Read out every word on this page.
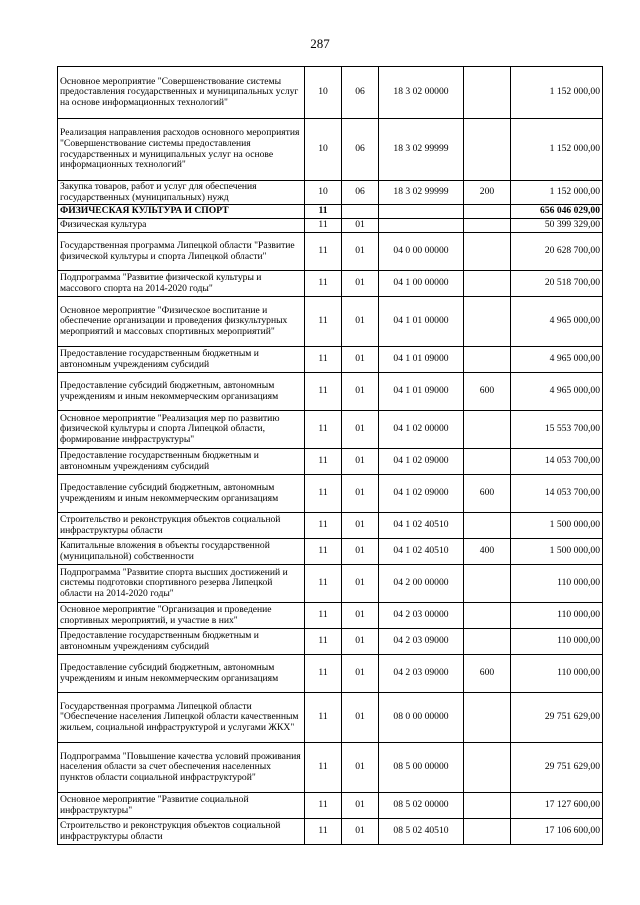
287
Основное мероприятие "Совершенствование системы предоставления государственных и муниципальных услуг на основе информационных технологий"	10	06	18 3 02 00000		1 152 000,00
Реализация направления расходов основного мероприятия "Совершенствование системы предоставления государственных и муниципальных услуг на основе информационных технологий"	10	06	18 3 02 99999		1 152 000,00
Закупка товаров, работ и услуг для обеспечения государственных (муниципальных) нужд	10	06	18 3 02 99999	200	1 152 000,00
ФИЗИЧЕСКАЯ КУЛЬТУРА И СПОРТ	11				656 046 029,00
Физическая культура	11	01			50 399 329,00
Государственная программа Липецкой области "Развитие физической культуры и спорта Липецкой области"	11	01	04 0 00 00000		20 628 700,00
Подпрограмма "Развитие физической культуры и массового спорта на 2014-2020 годы"	11	01	04 1 00 00000		20 518 700,00
Основное мероприятие "Физическое воспитание и обеспечение организации и проведения физкультурных мероприятий и массовых спортивных мероприятий"	11	01	04 1 01 00000		4 965 000,00
Предоставление государственным бюджетным и автономным учреждениям субсидий	11	01	04 1 01 09000		4 965 000,00
Предоставление субсидий бюджетным, автономным учреждениям и иным некоммерческим организациям	11	01	04 1 01 09000	600	4 965 000,00
Основное мероприятие "Реализация мер по развитию физической культуры и спорта Липецкой области, формирование инфраструктуры"	11	01	04 1 02 00000		15 553 700,00
Предоставление государственным бюджетным и автономным учреждениям субсидий	11	01	04 1 02 09000		14 053 700,00
Предоставление субсидий бюджетным, автономным учреждениям и иным некоммерческим организациям	11	01	04 1 02 09000	600	14 053 700,00
Строительство и реконструкция объектов социальной инфраструктуры области	11	01	04 1 02 40510		1 500 000,00
Капитальные вложения в объекты государственной (муниципальной) собственности	11	01	04 1 02 40510	400	1 500 000,00
Подпрограмма "Развитие спорта высших достижений и системы подготовки спортивного резерва Липецкой области на 2014-2020 годы"	11	01	04 2 00 00000		110 000,00
Основное мероприятие "Организация и проведение спортивных мероприятий, и участие в них"	11	01	04 2 03 00000		110 000,00
Предоставление государственным бюджетным и автономным учреждениям субсидий	11	01	04 2 03 09000		110 000,00
Предоставление субсидий бюджетным, автономным учреждениям и иным некоммерческим организациям	11	01	04 2 03 09000	600	110 000,00
Государственная программа Липецкой области "Обеспечение населения Липецкой области качественным жильем, социальной инфраструктурой и услугами ЖКХ"	11	01	08 0 00 00000		29 751 629,00
Подпрограмма "Повышение качества условий проживания населения области за счет обеспечения населенных пунктов области социальной инфраструктурой"	11	01	08 5 00 00000		29 751 629,00
Основное мероприятие "Развитие социальной инфраструктуры"	11	01	08 5 02 00000		17 127 600,00
Строительство и реконструкция объектов социальной инфраструктуры области	11	01	08 5 02 40510		17 106 600,00
